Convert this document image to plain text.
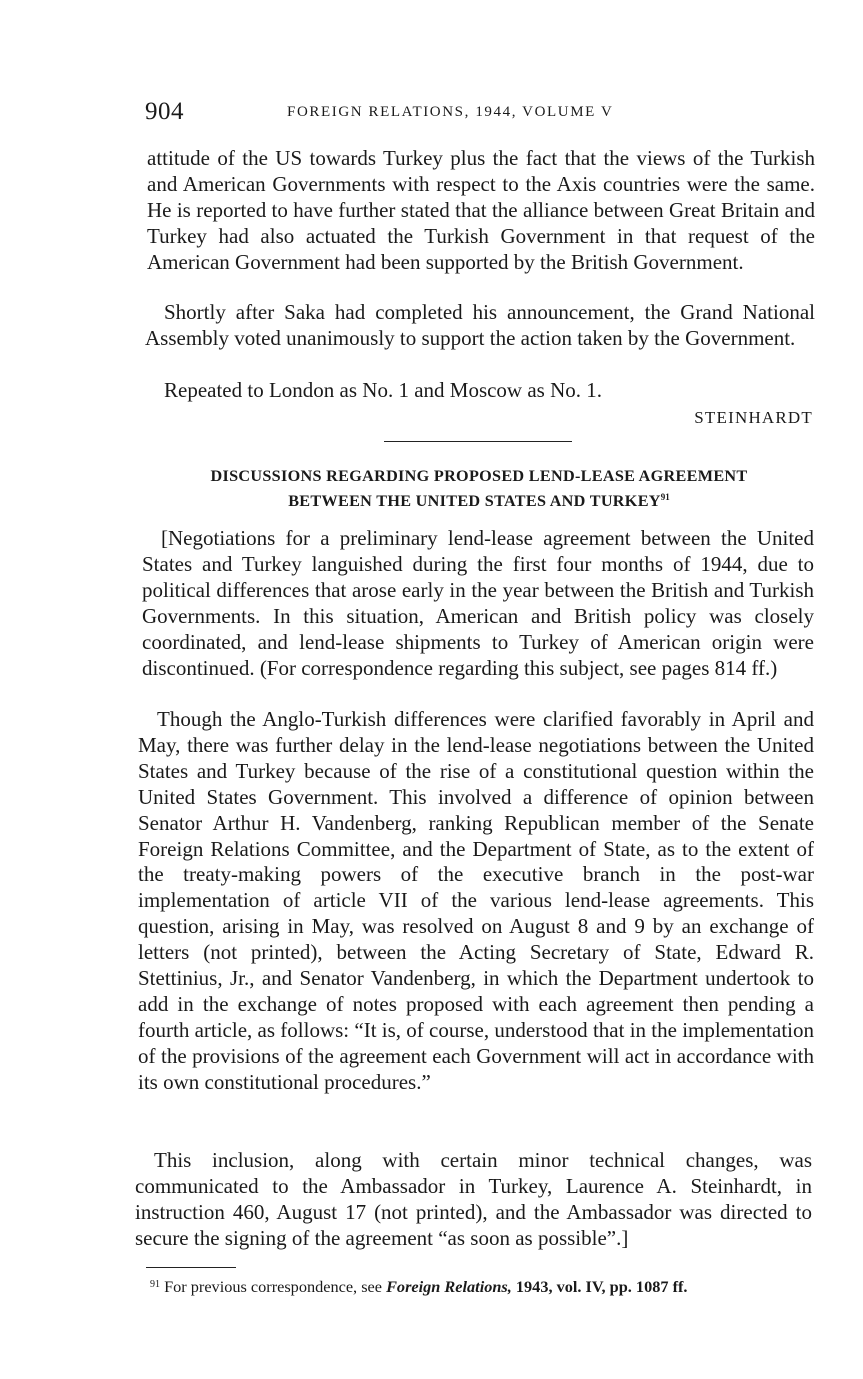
904	FOREIGN RELATIONS, 1944, VOLUME V

attitude of the US towards Turkey plus the fact that the views of the Turkish and American Governments with respect to the Axis countries were the same. He is reported to have further stated that the alliance between Great Britain and Turkey had also actuated the Turkish Government in that request of the American Government had been supported by the British Government.

Shortly after Saka had completed his announcement, the Grand National Assembly voted unanimously to support the action taken by the Government.

Repeated to London as No. 1 and Moscow as No. 1.

STEINHARDT
DISCUSSIONS REGARDING PROPOSED LEND-LEASE AGREEMENT
BETWEEN THE UNITED STATES AND TURKEY$^{91}$

[Negotiations for a preliminary lend-lease agreement between the United States and Turkey languished during the first four months of 1944, due to political differences that arose early in the year between the British and Turkish Governments. In this situation, American and British policy was closely coordinated, and lend-lease shipments to Turkey of American origin were discontinued. (For correspondence regarding this subject, see pages 814 ff.)

Though the Anglo-Turkish differences were clarified favorably in April and May, there was further delay in the lend-lease negotiations between the United States and Turkey because of the rise of a constitutional question within the United States Government. This involved a difference of opinion between Senator Arthur H. Vandenberg, ranking Republican member of the Senate Foreign Relations Committee, and the Department of State, as to the extent of the treaty-making powers of the executive branch in the post-war implementation of article VII of the various lend-lease agreements. This question, arising in May, was resolved on August 8 and 9 by an exchange of letters (not printed), between the Acting Secretary of State, Edward R. Stettinius, Jr., and Senator Vandenberg, in which the Department undertook to add in the exchange of notes proposed with each agreement then pending a fourth article, as follows: “It is, of course, understood that in the implementation of the provisions of the agreement each Government will act in accordance with its own constitutional procedures.”

This inclusion, along with certain minor technical changes, was communicated to the Ambassador in Turkey, Laurence A. Steinhardt, in instruction 460, August 17 (not printed), and the Ambassador was directed to secure the signing of the agreement “as soon as possible”.]

$^{91}$ For previous correspondence, see Foreign Relations, 1943, vol. IV, pp. 1087 ff.
